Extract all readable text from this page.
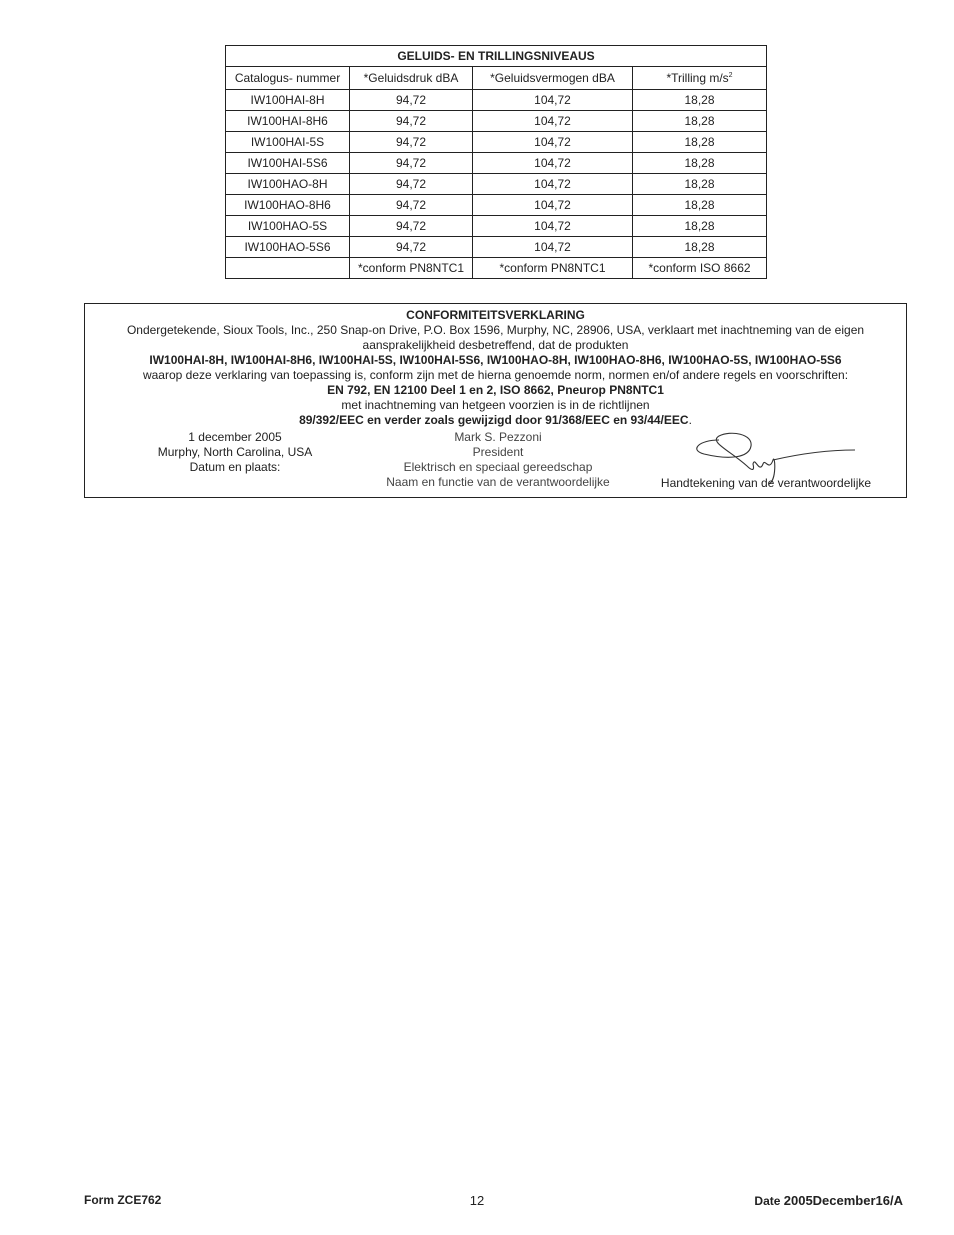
GELUIDS- EN TRILLINGSNIVEAUS			
Catalogus- nummer	*Geluidsdruk dBA	*Geluidsvermogen dBA	*Trilling $m/s^2$
IW100HAI-8H	94,72	104,72	18,28
IW100HAI-8H6	94,72	104,72	18,28
IW100HAI-5S	94,72	104,72	18,28
IW100HAI-5S6	94,72	104,72	18,28
IW100HAO-8H	94,72	104,72	18,28
IW100HAO-8H6	94,72	104,72	18,28
IW100HAO-5S	94,72	104,72	18,28
IW100HAO-5S6	94,72	104,72	18,28
	*conform PN8NTC1	*conform PN8NTC1	*conform ISO 8662
CONFORMITEITSVERKLARING
Ondergetekende, Sioux Tools, Inc., 250 Snap-on Drive, P.O. Box 1596, Murphy, NC, 28906, USA, verklaart met inachtneming van de eigen
aansprakelijkheid desbetreffend, dat de produkten
IW100HAI-8H, IW100HAI-8H6, IW100HAI-5S, IW100HAI-5S6, IW100HAO-8H, IW100HAO-8H6, IW100HAO-5S, IW100HAO-5S6
waarop deze verklaring van toepassing is, conform zijn met de hierna genoemde norm, normen en/of andere regels en voorschriften:
EN 792, EN 12100 Deel 1 en 2, ISO 8662, Pneurop PN8NTC1
met inachtneming van hetgeen voorzien is in de richtlijnen
89/392/EEC en verder zoals gewijzigd door 91/368/EEC en 93/44/EEC.
1 december 2005
Murphy, North Carolina, USA
Datum en plaats:
Mark S. Pezzoni
President
Elektrisch en speciaal gereedschap
Naam en functie van de verantwoordelijke	Handtekening van de verantwoordelijke
Form ZCE762	12	Date 2005December16/A
